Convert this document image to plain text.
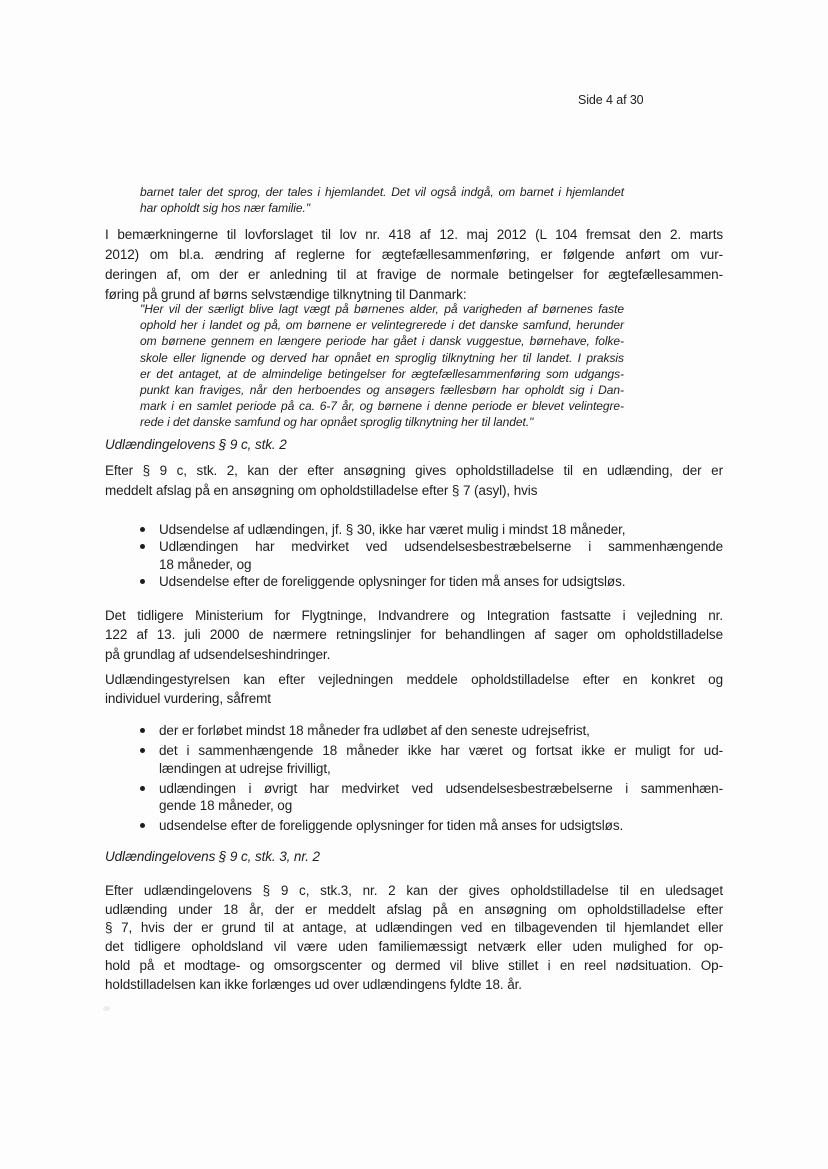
Side 4 af 30
barnet taler det sprog, der tales i hjemlandet. Det vil også indgå, om barnet i hjemlandet
har opholdt sig hos nær familie."
I bemærkningerne til lovforslaget til lov nr. 418 af 12. maj 2012 (L 104 fremsat den 2. marts
2012) om bl.a. ændring af reglerne for ægtefællesammenføring, er følgende anført om vur-
deringen af, om der er anledning til at fravige de normale betingelser for ægtefællesammen-
føring på grund af børns selvstændige tilknytning til Danmark:
"Her vil der særligt blive lagt vægt på børnenes alder, på varigheden af børnenes faste
ophold her i landet og på, om børnene er velintegrerede i det danske samfund, herunder
om børnene gennem en længere periode har gået i dansk vuggestue, børnehave, folke-
skole eller lignende og derved har opnået en sproglig tilknytning her til landet. I praksis
er det antaget, at de almindelige betingelser for ægtefællesammenføring som udgangs-
punkt kan fraviges, når den herboendes og ansøgers fællesbørn har opholdt sig i Dan-
mark i en samlet periode på ca. 6-7 år, og børnene i denne periode er blevet velintegre-
rede i det danske samfund og har opnået sproglig tilknytning her til landet."
Udlændingelovens § 9 c, stk. 2
Efter § 9 c, stk. 2, kan der efter ansøgning gives opholdstilladelse til en udlænding, der er
meddelt afslag på en ansøgning om opholdstilladelse efter § 7 (asyl), hvis
Udsendelse af udlændingen, jf. § 30, ikke har været mulig i mindst 18 måneder,
Udlændingen har medvirket ved udsendelsesbestræbelserne i sammenhængende
18 måneder, og
Udsendelse efter de foreliggende oplysninger for tiden må anses for udsigtsløs.
Det tidligere Ministerium for Flygtninge, Indvandrere og Integration fastsatte i vejledning nr.
122 af 13. juli 2000 de nærmere retningslinjer for behandlingen af sager om opholdstilladelse
på grundlag af udsendelseshindringer.
Udlændingestyrelsen kan efter vejledningen meddele opholdstilladelse efter en konkret og
individuel vurdering, såfremt
der er forløbet mindst 18 måneder fra udløbet af den seneste udrejsefrist,
det i sammenhængende 18 måneder ikke har været og fortsat ikke er muligt for ud-
lændingen at udrejse frivilligt,
udlændingen i øvrigt har medvirket ved udsendelsesbestræbelserne i sammenhæn-
gende 18 måneder, og
udsendelse efter de foreliggende oplysninger for tiden må anses for udsigtsløs.
Udlændingelovens § 9 c, stk. 3, nr. 2
Efter udlændingelovens § 9 c, stk.3, nr. 2 kan der gives opholdstilladelse til en uledsaget
udlænding under 18 år, der er meddelt afslag på en ansøgning om opholdstilladelse efter
§ 7, hvis der er grund til at antage, at udlændingen ved en tilbagevenden til hjemlandet eller
det tidligere opholdsland vil være uden familiemæssigt netværk eller uden mulighed for op-
hold på et modtage- og omsorgscenter og dermed vil blive stillet i en reel nødsituation. Op-
holdstilladelsen kan ikke forlænges ud over udlændingens fyldte 18. år.
